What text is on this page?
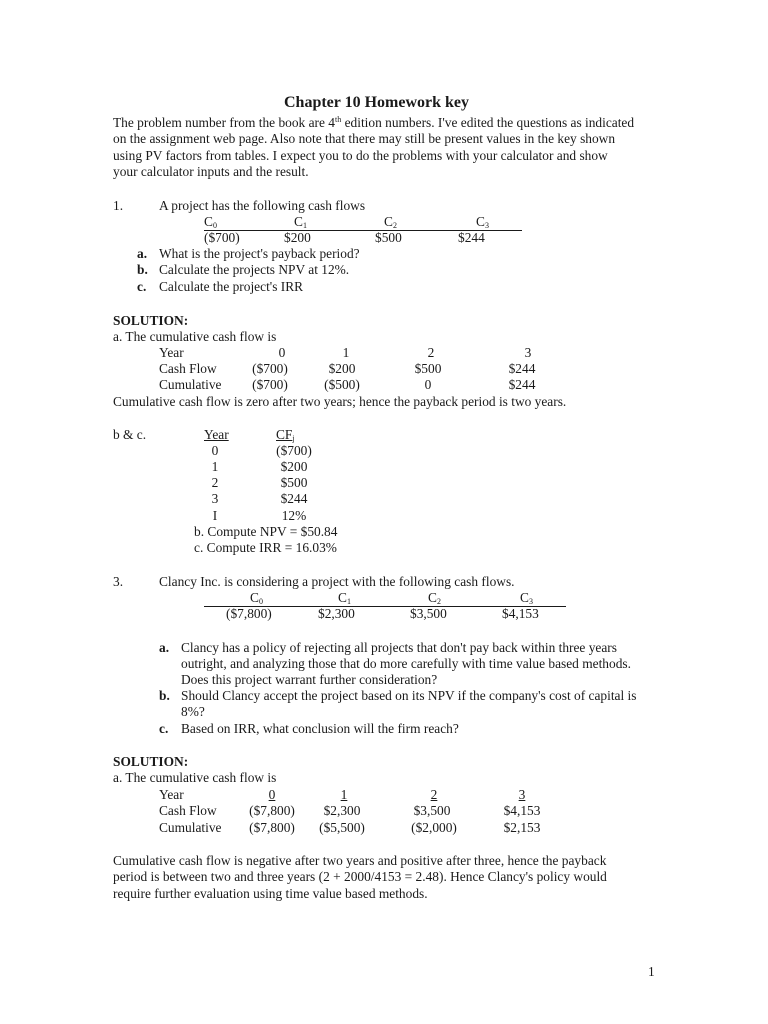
Chapter 10 Homework key
The problem number from the book are 4th edition numbers. I've edited the questions as indicated
on the assignment web page. Also note that there may still be present values in the key shown
using PV factors from tables. I expect you to do the problems with your calculator and show
your calculator inputs and the result.
1.	A project has the following cash flows
$C_0$	$C_1$	$C_2$	$C_3$
($700)	$200	$500	$244
a. What is the project's payback period?
b. Calculate the projects NPV at 12%.
c. Calculate the project's IRR
SOLUTION:
a. The cumulative cash flow is
Year	0	1	2	3
Cash Flow	($700)	$200	$500	$244
Cumulative	($700)	($500)	0	$244
Cumulative cash flow is zero after two years; hence the payback period is two years.
b & c.	Year	$CF_j$
0	($700)
1	$200
2	$500
3	$244
I	12%
b. Compute NPV = $50.84
c. Compute IRR = 16.03%
3.	Clancy Inc. is considering a project with the following cash flows.
$C_0$	$C_1$	$C_2$	$C_3$
($7,800)	$2,300	$3,500	$4,153
a. Clancy has a policy of rejecting all projects that don't pay back within three years
outright, and analyzing those that do more carefully with time value based methods.
Does this project warrant further consideration?
b. Should Clancy accept the project based on its NPV if the company's cost of capital is
8%?
c. Based on IRR, what conclusion will the firm reach?
SOLUTION:
a. The cumulative cash flow is
Year	0	1	2	3
Cash Flow	($7,800)	$2,300	$3,500	$4,153
Cumulative	($7,800)	($5,500)	($2,000)	$2,153
Cumulative cash flow is negative after two years and positive after three, hence the payback
period is between two and three years (2 + 2000/4153 = 2.48). Hence Clancy's policy would
require further evaluation using time value based methods.
1
